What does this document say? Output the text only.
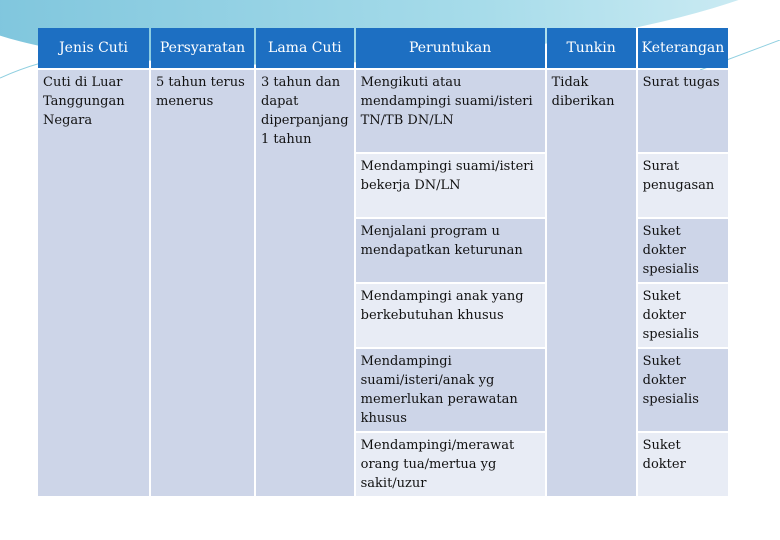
Jenis Cuti	Persyaratan	Lama Cuti	Peruntukan	Tunkin	Keterangan
Cuti di Luar Tanggungan Negara	5 tahun terus menerus	3 tahun dan dapat diperpanjang 1 tahun	Mengikuti atau mendampingi suami/isteri TN/TB DN/LN	Tidak diberikan	Surat tugas
			Mendampingi suami/isteri bekerja DN/LN		Surat penugasan
			Menjalani program u mendapatkan keturunan		Suket dokter spesialis
			Mendampingi anak yang berkebutuhan khusus		Suket dokter spesialis
			Mendampingi suami/isteri/anak yg memerlukan perawatan khusus		Suket dokter spesialis
			Mendampingi/merawat orang tua/mertua yg sakit/uzur		Suket dokter
